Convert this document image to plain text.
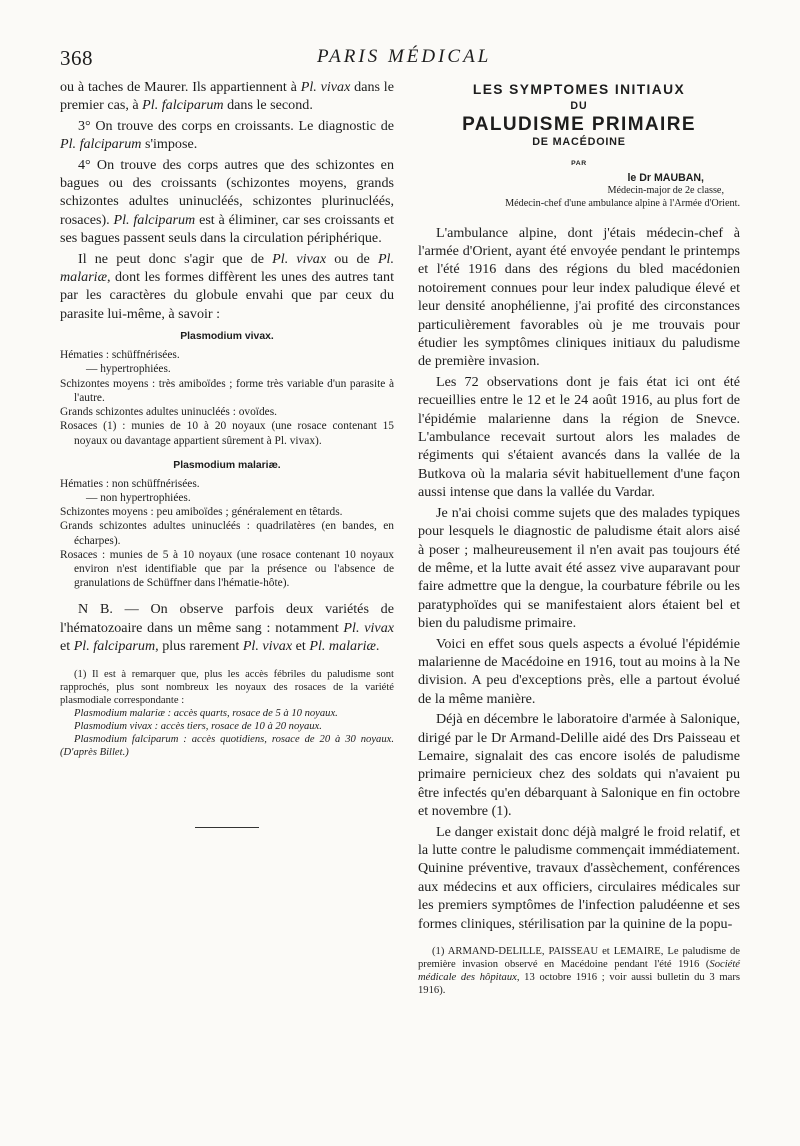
368	PARIS MÉDICAL

ou à taches de Maurer. Ils appartiennent à Pl. vivax dans le premier cas, à Pl. falciparum dans le second.

3° On trouve des corps en croissants. Le diagnostic de Pl. falciparum s'impose.

4° On trouve des corps autres que des schizontes en bagues ou des croissants (schizontes moyens, grands schizontes adultes uninucléés, schizontes plurinucléés, rosaces). Pl. falciparum est à éliminer, car ses croissants et ses bagues passent seuls dans la circulation périphérique.

Il ne peut donc s'agir que de Pl. vivax ou de Pl. malariæ, dont les formes diffèrent les unes des autres tant par les caractères du globule envahi que par ceux du parasite lui-même, à savoir :

Plasmodium vivax.

Hématies : schüffnérisées.

— hypertrophiées.

Schizontes moyens : très amiboïdes ; forme très variable d'un parasite à l'autre.

Grands schizontes adultes uninucléés : ovoïdes.

Rosaces (1) : munies de 10 à 20 noyaux (une rosace contenant 15 noyaux ou davantage appartient sûrement à Pl. vivax).

Plasmodium malariæ.

Hématies : non schüffnérisées.

— non hypertrophiées.

Schizontes moyens : peu amiboïdes ; généralement en têtards.

Grands schizontes adultes uninucléés : quadrilatères (en bandes, en écharpes).

Rosaces : munies de 5 à 10 noyaux (une rosace contenant 10 noyaux environ n'est identifiable que par la présence ou l'absence de granulations de Schüffner dans l'hématie-hôte).

N B. — On observe parfois deux variétés de l'hématozoaire dans un même sang : notamment Pl. vivax et Pl. falciparum, plus rarement Pl. vivax et Pl. malariæ.

(1) Il est à remarquer que, plus les accès fébriles du paludisme sont rapprochés, plus sont nombreux les noyaux des rosaces de la variété plasmodiale correspondante :

Plasmodium malariæ : accès quarts, rosace de 5 à 10 noyaux.

Plasmodium vivax : accès tiers, rosace de 10 à 20 noyaux.

Plasmodium falciparum : accès quotidiens, rosace de 20 à 30 noyaux. (D'après Billet.)

LES SYMPTOMES INITIAUX
DU
PALUDISME PRIMAIRE
DE MACÉDOINE
PAR
le Dr MAUBAN,

Médecin-major de 2e classe,

Médecin-chef d'une ambulance alpine à l'Armée d'Orient.

L'ambulance alpine, dont j'étais médecin-chef à l'armée d'Orient, ayant été envoyée pendant le printemps et l'été 1916 dans des régions du bled macédonien notoirement connues pour leur index paludique élevé et leur densité anophélienne, j'ai profité des circonstances particulièrement favorables où je me trouvais pour étudier les symptômes cliniques initiaux du paludisme de première invasion.

Les 72 observations dont je fais état ici ont été recueillies entre le 12 et le 24 août 1916, au plus fort de l'épidémie malarienne dans la région de Snevce. L'ambulance recevait surtout alors les malades de régiments qui s'étaient avancés dans la vallée de la Butkova où la malaria sévit habituellement d'une façon aussi intense que dans la vallée du Vardar.

Je n'ai choisi comme sujets que des malades typiques pour lesquels le diagnostic de paludisme était alors aisé à poser ; malheureusement il n'en avait pas toujours été de même, et la lutte avait été assez vive auparavant pour faire admettre que la dengue, la courbature fébrile ou les paratyphoïdes qui se manifestaient alors étaient bel et bien du paludisme primaire.

Voici en effet sous quels aspects a évolué l'épidémie malarienne de Macédoine en 1916, tout au moins à la Ne division. A peu d'exceptions près, elle a partout évolué de la même manière.

Déjà en décembre le laboratoire d'armée à Salonique, dirigé par le Dr Armand-Delille aidé des Drs Paisseau et Lemaire, signalait des cas encore isolés de paludisme primaire pernicieux chez des soldats qui n'avaient pu être infectés qu'en débarquant à Salonique en fin octobre et novembre (1).

Le danger existait donc déjà malgré le froid relatif, et la lutte contre le paludisme commençait immédiatement. Quinine préventive, travaux d'assèchement, conférences aux médecins et aux officiers, circulaires médicales sur les premiers symptômes de l'infection paludéenne et ses formes cliniques, stérilisation par la quinine de la popu-

(1) ARMAND-DELILLE, PAISSEAU et LEMAIRE, Le paludisme de première invasion observé en Macédoine pendant l'été 1916 (Société médicale des hôpitaux, 13 octobre 1916 ; voir aussi bulletin du 3 mars 1916).
